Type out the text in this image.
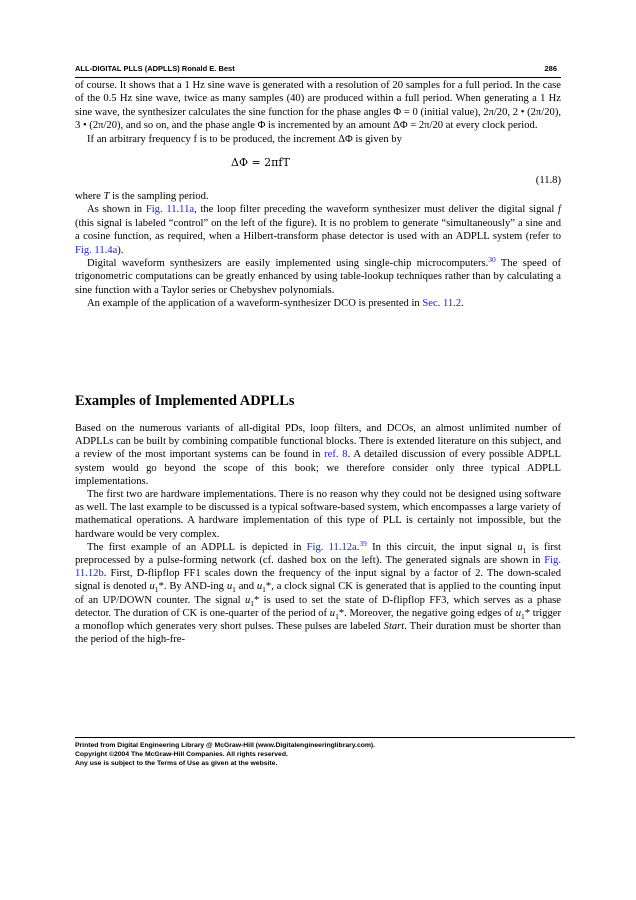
ALL-DIGITAL PLLS (ADPLLS) Ronald E. Best	286

of course. It shows that a 1 Hz sine wave is generated with a resolution of 20 samples for a full period. In the case of the 0.5 Hz sine wave, twice as many samples (40) are produced within a full period. When generating a 1 Hz sine wave, the synthesizer calculates the sine function for the phase angles Φ = 0 (initial value), 2π/20, 2 • (2π/20), 3 • (2π/20), and so on, and the phase angle Φ is incremented by an amount ΔΦ = 2π/20 at every clock period.

If an arbitrary frequency f is to be produced, the increment ΔΦ is given by

ΔΦ = 2πfT
(11.8)

where T is the sampling period.

As shown in Fig. 11.11a, the loop filter preceding the waveform synthesizer must deliver the digital signal f (this signal is labeled “control” on the left of the figure). It is no problem to generate “simultaneously” a sine and a cosine function, as required, when a Hilbert-transform phase detector is used with an ADPLL system (refer to Fig. 11.4a).

Digital waveform synthesizers are easily implemented using single-chip microcomputers.$^{30}$ The speed of trigonometric computations can be greatly enhanced by using table-lookup techniques rather than by calculating a sine function with a Taylor series or Chebyshev polynomials.

An example of the application of a waveform-synthesizer DCO is presented in Sec. 11.2.

Examples of Implemented ADPLLs

Based on the numerous variants of all-digital PDs, loop filters, and DCOs, an almost unlimited number of ADPLLs can be built by combining compatible functional blocks. There is extended literature on this subject, and a review of the most important systems can be found in ref. 8. A detailed discussion of every possible ADPLL system would go beyond the scope of this book; we therefore consider only three typical ADPLL implementations.

The first two are hardware implementations. There is no reason why they could not be designed using software as well. The last example to be discussed is a typical software-based system, which encompasses a large variety of mathematical operations. A hardware implementation of this type of PLL is certainly not impossible, but the hardware would be very complex.

The first example of an ADPLL is depicted in Fig. 11.12a.$^{39}$ In this circuit, the input signal $u_1$ is first preprocessed by a pulse-forming network (cf. dashed box on the left). The generated signals are shown in Fig. 11.12b. First, D-flipflop FF1 scales down the frequency of the input signal by a factor of 2. The down-scaled signal is denoted $u_1*$. By AND-ing $u_1$ and $u_1*$, a clock signal CK is generated that is applied to the counting input of an UP/DOWN counter. The signal $u_1*$ is used to set the state of D-flipflop FF3, which serves as a phase detector. The duration of CK is one-quarter of the period of $u_1*$. Moreover, the negative going edges of $u_1*$ trigger a monoflop which generates very short pulses. These pulses are labeled Start. Their duration must be shorter than the period of the high-fre-

Printed from Digital Engineering Library @ McGraw-Hill (www.Digitalengineeringlibrary.com).
Copyright ©2004 The McGraw-Hill Companies. All rights reserved.
Any use is subject to the Terms of Use as given at the website.
